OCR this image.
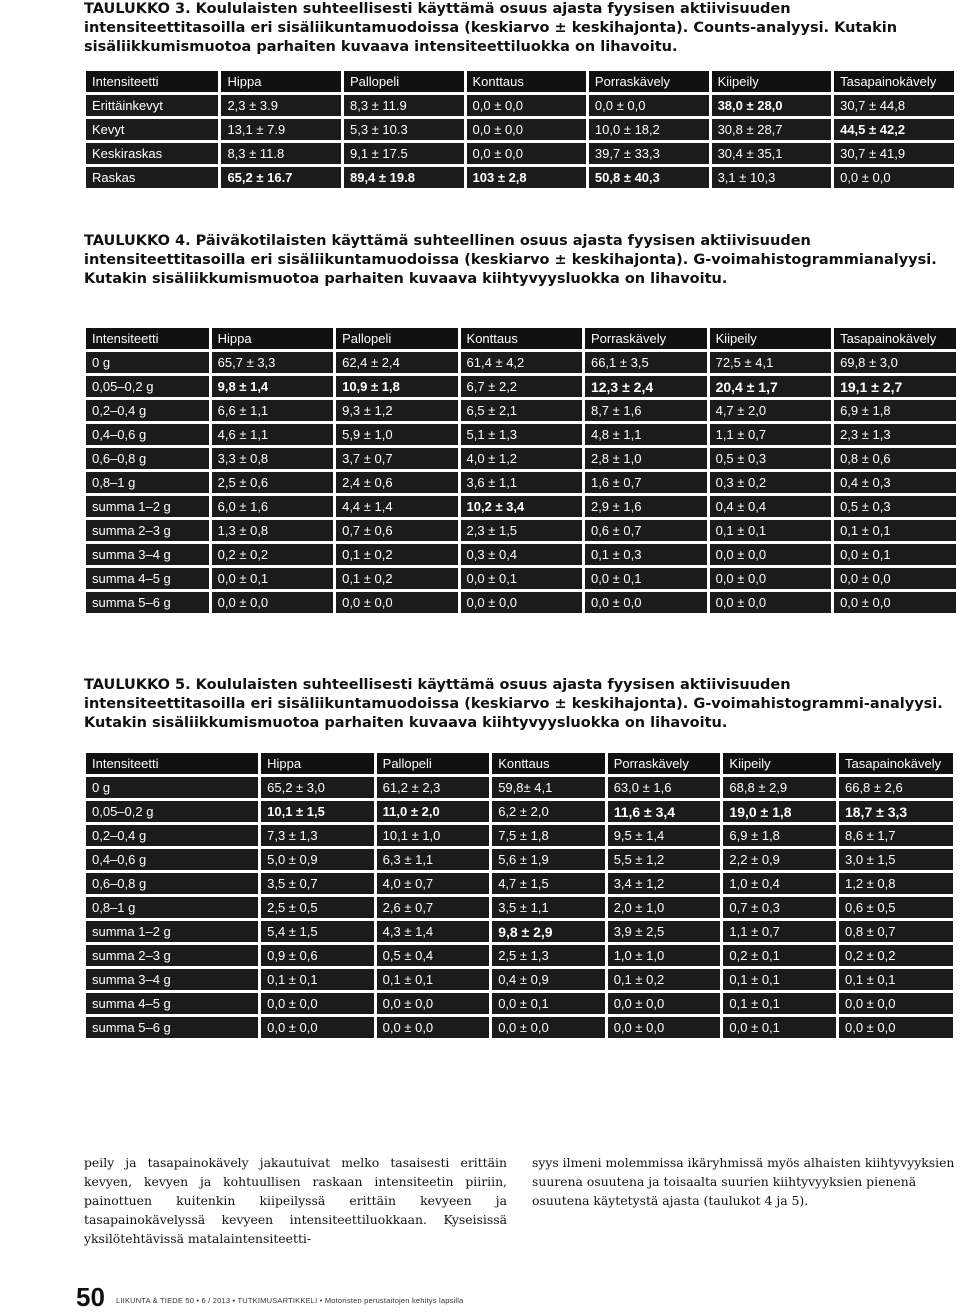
TAULUKKO 3. Koululaisten suhteellisesti käyttämä osuus ajasta fyysisen aktiivisuuden intensiteettitasoilla eri sisäliikuntamuodoissa (keskiarvo ± keskihajonta). Counts-analyysi. Kutakin sisäliikkumismuotoa parhaiten kuvaava intensiteettiluokka on lihavoitu.
Intensiteetti	Hippa	Pallopeli	Konttaus	Porraskävely	Kiipeily	Tasapainokävely
Erittäinkevyt	2,3 ± 3.9	8,3 ± 11.9	0,0 ± 0,0	0,0 ± 0,0	38,0 ± 28,0	30,7 ± 44,8
Kevyt	13,1 ± 7.9	5,3 ± 10.3	0,0 ± 0,0	10,0 ± 18,2	30,8 ± 28,7	44,5 ± 42,2
Keskiraskas	8,3 ± 11.8	9,1 ± 17.5	0,0 ± 0,0	39,7 ± 33,3	30,4 ± 35,1	30,7 ± 41,9
Raskas	65,2 ± 16.7	89,4 ± 19.8	103 ± 2,8	50,8 ± 40,3	3,1 ± 10,3	0,0 ± 0,0
TAULUKKO 4. Päiväkotilaisten käyttämä suhteellinen osuus ajasta fyysisen aktiivisuuden intensiteettitasoilla eri sisäliikuntamuodoissa (keskiarvo ± keskihajonta). G-voimahistogrammianalyysi. Kutakin sisäliikkumismuotoa parhaiten kuvaava kiihtyvyysluokka on lihavoitu.
Intensiteetti	Hippa	Pallopeli	Konttaus	Porraskävely	Kiipeily	Tasapainokävely
0 g	65,7 ± 3,3	62,4 ± 2,4	61,4 ± 4,2	66,1 ± 3,5	72,5 ± 4,1	69,8 ± 3,0
0,05–0,2 g	9,8 ± 1,4	10,9 ± 1,8	6,7 ± 2,2	12,3 ± 2,4	20,4 ± 1,7	19,1 ± 2,7
0,2–0,4 g	6,6 ± 1,1	9,3 ± 1,2	6,5 ± 2,1	8,7 ± 1,6	4,7 ± 2,0	6,9 ± 1,8
0,4–0,6 g	4,6 ± 1,1	5,9 ± 1,0	5,1 ± 1,3	4,8 ± 1,1	1,1 ± 0,7	2,3 ± 1,3
0,6–0,8 g	3,3 ± 0,8	3,7 ± 0,7	4,0 ± 1,2	2,8 ± 1,0	0,5 ± 0,3	0,8 ± 0,6
0,8–1 g	2,5 ± 0,6	2,4 ± 0,6	3,6 ± 1,1	1,6 ± 0,7	0,3 ± 0,2	0,4 ± 0,3
summa 1–2 g	6,0 ± 1,6	4,4 ± 1,4	10,2 ± 3,4	2,9 ± 1,6	0,4 ± 0,4	0,5 ± 0,3
summa 2–3 g	1,3 ± 0,8	0,7 ± 0,6	2,3 ± 1,5	0,6 ± 0,7	0,1 ± 0,1	0,1 ± 0,1
summa 3–4 g	0,2 ± 0,2	0,1 ± 0,2	0,3 ± 0,4	0,1 ± 0,3	0,0 ± 0,0	0,0 ± 0,1
summa 4–5 g	0,0 ± 0,1	0,1 ± 0,2	0,0 ± 0,1	0,0 ± 0,1	0,0 ± 0,0	0,0 ± 0,0
summa 5–6 g	0,0 ± 0,0	0,0 ± 0,0	0,0 ± 0,0	0,0 ± 0,0	0,0 ± 0,0	0,0 ± 0,0
TAULUKKO 5. Koululaisten suhteellisesti käyttämä osuus ajasta fyysisen aktiivisuuden intensiteettitasoilla eri sisäliikuntamuodoissa (keskiarvo ± keskihajonta). G-voimahistogrammi-analyysi. Kutakin sisäliikkumismuotoa parhaiten kuvaava kiihtyvyysluokka on lihavoitu.
Intensiteetti	Hippa	Pallopeli	Konttaus	Porraskävely	Kiipeily	Tasapainokävely
0 g	65,2 ± 3,0	61,2 ± 2,3	59,8± 4,1	63,0 ± 1,6	68,8 ± 2,9	66,8 ± 2,6
0,05–0,2 g	10,1 ± 1,5	11,0 ± 2,0	6,2 ± 2,0	11,6 ± 3,4	19,0 ± 1,8	18,7 ± 3,3
0,2–0,4 g	7,3 ± 1,3	10,1 ± 1,0	7,5 ± 1,8	9,5 ± 1,4	6,9 ± 1,8	8,6 ± 1,7
0,4–0,6 g	5,0 ± 0,9	6,3 ± 1,1	5,6 ± 1,9	5,5 ± 1,2	2,2 ± 0,9	3,0 ± 1,5
0,6–0,8 g	3,5 ± 0,7	4,0 ± 0,7	4,7 ± 1,5	3,4 ± 1,2	1,0 ± 0,4	1,2 ± 0,8
0,8–1 g	2,5 ± 0,5	2,6 ± 0,7	3,5 ± 1,1	2,0 ± 1,0	0,7 ± 0,3	0,6 ± 0,5
summa 1–2 g	5,4 ± 1,5	4,3 ± 1,4	9,8 ± 2,9	3,9 ± 2,5	1,1 ± 0,7	0,8 ± 0,7
summa 2–3 g	0,9 ± 0,6	0,5 ± 0,4	2,5 ± 1,3	1,0 ± 1,0	0,2 ± 0,1	0,2 ± 0,2
summa 3–4 g	0,1 ± 0,1	0,1 ± 0,1	0,4 ± 0,9	0,1 ± 0,2	0,1 ± 0,1	0,1 ± 0,1
summa 4–5 g	0,0 ± 0,0	0,0 ± 0,0	0,0 ± 0,1	0,0 ± 0,0	0,1 ± 0,1	0,0 ± 0,0
summa 5–6 g	0,0 ± 0,0	0,0 ± 0,0	0,0 ± 0,0	0,0 ± 0,0	0,0 ± 0,1	0,0 ± 0,0
peily ja tasapainokävely jakautuivat melko tasaisesti erittäin kevyen, kevyen ja kohtuullisen raskaan intensiteetin piiriin, painottuen kuitenkin kiipeilyssä erittäin kevyeen ja tasapainokävelyssä kevyeen intensiteettiluokkaan. Kyseisissä yksilötehtävissä matalaintensiteetti-
syys ilmeni molemmissa ikäryhmissä myös alhaisten kiihtyvyyksien suurena osuutena ja toisaalta suurien kiihtyvyyksien pienenä osuutena käytetystä ajasta (taulukot 4 ja 5).
50 LIIKUNTA & TIEDE 50 • 6 / 2013 • TUTKIMUSARTIKKELI • Motoristen perustaitojen kehitys lapsilla
